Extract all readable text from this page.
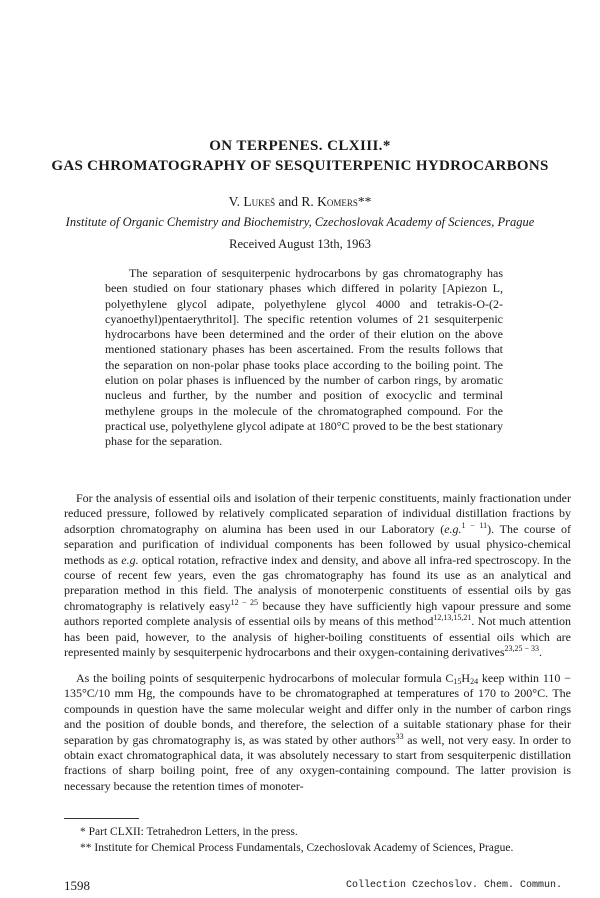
ON TERPENES. CLXIII.*
GAS CHROMATOGRAPHY OF SESQUITERPENIC HYDROCARBONS
V. Lukeš and R. Komers**
Institute of Organic Chemistry and Biochemistry, Czechoslovak Academy of Sciences, Prague
Received August 13th, 1963
The separation of sesquiterpenic hydrocarbons by gas chromatography has been studied on four stationary phases which differed in polarity [Apiezon L, polyethylene glycol adipate, polyethylene glycol 4000 and tetrakis-O-(2-cyanoethyl)pentaerythritol]. The specific retention volumes of 21 sesquiterpenic hydrocarbons have been determined and the order of their elution on the above mentioned stationary phases has been ascertained. From the results follows that the separation on non-polar phase tooks place according to the boiling point. The elution on polar phases is influenced by the number of carbon rings, by aromatic nucleus and further, by the number and position of exocyclic and terminal methylene groups in the molecule of the chromatographed compound. For the practical use, polyethylene glycol adipate at 180°C proved to be the best stationary phase for the separation.

For the analysis of essential oils and isolation of their terpenic constituents, mainly fractionation under reduced pressure, followed by relatively complicated separation of individual distillation fractions by adsorption chromatography on alumina has been used in our Laboratory (e.g.$^{1 - 11}$). The course of separation and purification of individual components has been followed by usual physico-chemical methods as e.g. optical rotation, refractive index and density, and above all infra-red spectroscopy. In the course of recent few years, even the gas chromatography has found its use as an analytical and preparation method in this field. The analysis of monoterpenic constituents of essential oils by gas chromatography is relatively easy$^{12 - 25}$ because they have sufficiently high vapour pressure and some authors reported complete analysis of essential oils by means of this method$^{12,13,15,21}$. Not much attention has been paid, however, to the analysis of higher-boiling constituents of essential oils which are represented mainly by sesquiterpenic hydrocarbons and their oxygen-containing derivatives$^{23,25 - 33}$.

As the boiling points of sesquiterpenic hydrocarbons of molecular formula $C_{15}H_{24}$ keep within 110 − 135°C/10 mm Hg, the compounds have to be chromatographed at temperatures of 170 to 200°C. The compounds in question have the same molecular weight and differ only in the number of carbon rings and the position of double bonds, and therefore, the selection of a suitable stationary phase for their separation by gas chromatography is, as was stated by other authors$^{33}$ as well, not very easy. In order to obtain exact chromatographical data, it was absolutely necessary to start from sesquiterpenic distillation fractions of sharp boiling point, free of any oxygen-containing compound. The latter provision is necessary because the retention times of monoter-

* Part CLXII: Tetrahedron Letters, in the press.
** Institute for Chemical Process Fundamentals, Czechoslovak Academy of Sciences, Prague.
1598	Collection Czechoslov. Chem. Commun.
